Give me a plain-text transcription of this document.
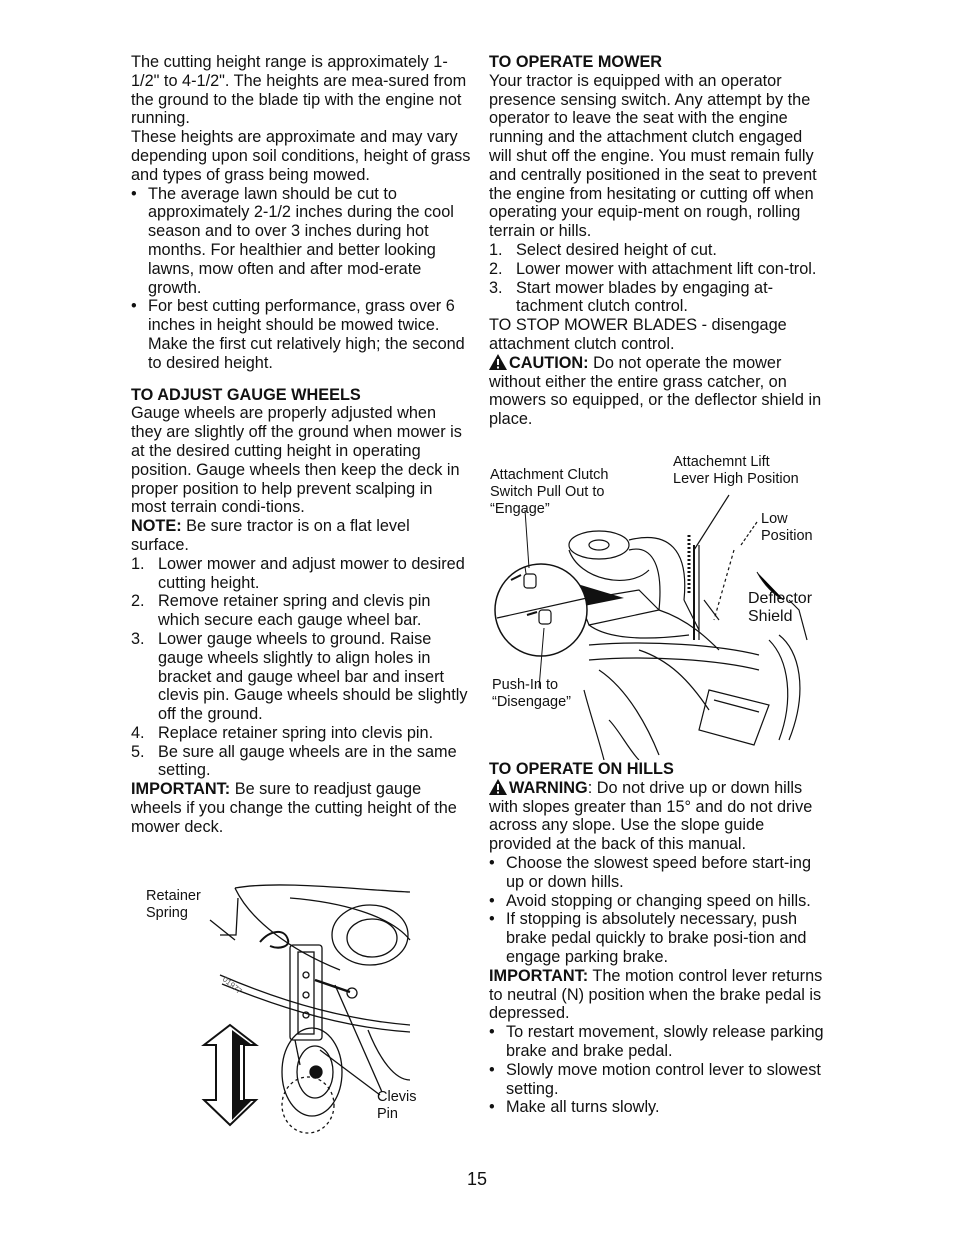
The cutting height range is approximately 1-1/2" to 4-1/2". The heights are mea-sured from the ground to the blade tip with the engine not running.

These heights are approximate and may vary depending upon soil conditions, height of grass and types of grass being mowed.

• The average lawn should be cut to approximately 2-1/2 inches during the cool season and to over 3 inches during hot months. For healthier and better looking lawns, mow often and after mod-erate growth.
• For best cutting performance, grass over 6 inches in height should be mowed twice. Make the first cut relatively high; the second to desired height.

TO ADJUST GAUGE WHEELS

Gauge wheels are properly adjusted when they are slightly off the ground when mower is at the desired cutting height in operating position. Gauge wheels then keep the deck in proper position to help prevent scalping in most terrain condi-tions.

NOTE: Be sure tractor is on a flat level surface.

1. Lower mower and adjust mower to desired cutting height.
2. Remove retainer spring and clevis pin which secure each gauge wheel bar.
3. Lower gauge wheels to ground. Raise gauge wheels slightly to align holes in bracket and gauge wheel bar and insert clevis pin. Gauge wheels should be slightly off the ground.
4. Replace retainer spring into clevis pin.
5. Be sure all gauge wheels are in the same setting.

IMPORTANT: Be sure to readjust gauge wheels if you change the cutting height of the mower deck.

01977
Retainer
Spring
Clevis
Pin

TO OPERATE MOWER

Your tractor is equipped with an operator presence sensing switch. Any attempt by the operator to leave the seat with the engine running and the attachment clutch engaged will shut off the engine. You must remain fully and centrally positioned in the seat to prevent the engine from hesitating or cutting off when operating your equip-ment on rough, rolling terrain or hills.

1. Select desired height of cut.
2. Lower mower with attachment lift con-trol.
3. Start mower blades by engaging at-tachment clutch control.

TO STOP MOWER BLADES - disengage attachment clutch control.

CAUTION: Do not operate the mower without either the entire grass catcher, on mowers so equipped, or the deflector shield in place.

Attachment Clutch
Switch Pull Out to
“Engage”
Attachemnt Lift
Lever High Position
Low
Position
Deflector
Shield
Push-In to
“Disengage”

TO OPERATE ON HILLS

WARNING: Do not drive up or down hills with slopes greater than 15° and do not drive across any slope. Use the slope guide provided at the back of this manual.

• Choose the slowest speed before start-ing up or down hills.
• Avoid stopping or changing speed on hills.
• If stopping is absolutely necessary, push brake pedal quickly to brake posi-tion and engage parking brake.

IMPORTANT: The motion control lever returns to neutral (N) position when the brake pedal is depressed.

• To restart movement, slowly release parking brake and brake pedal.
• Slowly move motion control lever to slowest setting.
• Make all turns slowly.
15
